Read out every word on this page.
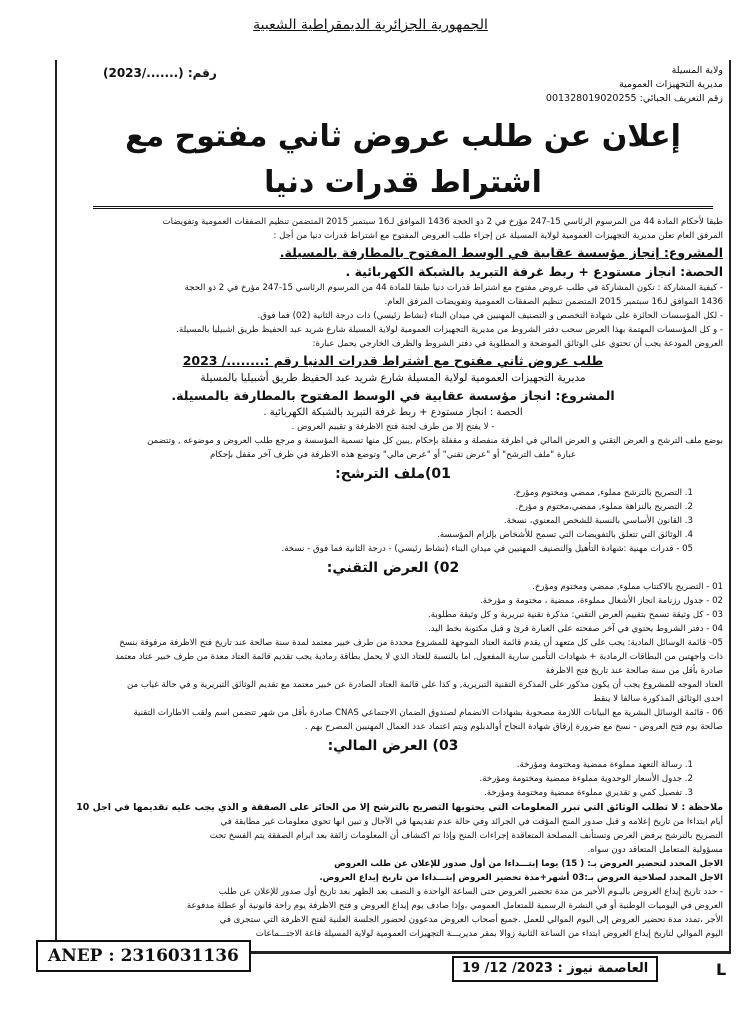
الجمهورية الجزائرية الديمقراطية الشعبية
رقم: (......./2023)	ولاية المسيلة
مديرية التجهيزات العمومية
رقم التعريف الجبائي: 001328019020255
إعلان عن طلب عروض ثاني مفتوح مع اشتراط قدرات دنيا
طبقا لأحكام المادة 44 من المرسوم الرئاسي 15-247 مؤرخ في 2 ذو الحجة 1436 الموافق لـ16 سبتمبر 2015 المتضمن تنظيم الصفقات العمومية وتفويضات
المرفق العام تعلن مديرية التجهيزات العمومية لولاية المسيلة عن إجراء طلب العروض المفتوح مع اشتراط قدرات دنيا من أجل :
المشروع: إنجاز مؤسسة عقابية في الوسط المفتوح بالمطارفة بالمسيلة.
الحصة: انجاز مستودع + ربط غرفة التبريد بالشبكة الكهربائية .
- كيفية المشاركة : تكون المشاركة في طلب عروض مفتوح مع اشتراط قدرات دنيا طبقا للمادة 44 من المرسوم الرئاسي 15-247 مؤرخ في 2 ذو الحجة
1436 الموافق لـ16 سبتمبر 2015 المتضمن تنظيم الصفقات العمومية وتفويضات المرفق العام.
- لكل المؤسسات الحائزة على شهادة التخصص و التصنيف المهنيين في ميدان البناء (نشاط رئيسي) ذات درجة الثانية (02) فما فوق.
- و كل المؤسسات المهتمة بهذا العرض سحب دفتر الشروط من مديرية التجهيزات العمومية لولاية المسيلة شارع شريد عبد الحفيظ طريق اشبيليا بالمسيلة.
العروض المودعة يجب أن تحتوي على الوثائق الموضحة و المطلوبة في دفتر الشروط والظرف الخارجي يحمل عبارة:
طلب عروض ثاني مفتوح مع اشتراط قدرات الدنيا رقم :......../ 2023
مديرية التجهيزات العمومية لولاية المسيلة شارع شريد عبد الحفيظ طريق أشبيليا بالمسيلة
المشروع: انجاز مؤسسة عقابية في الوسط المفتوح بالمطارفة بالمسيلة.
الحصة : انجاز مستودع + ربط غرفة التبريد بالشبكة الكهربائية .
- لا يفتح إلا من طرف لجنة فتح الاظرفة و تقييم العروض .
بوضع ملف الترشح و العرض التقني و العرض المالي في اظرفة منفصلة و مقفلة بإحكام ,يبين كل منها تسمية المؤسسة و مرجع طلب العروض و موضوعه , وتتضمن
عبارة "ملف الترشح" أو "عرض تقني" أو "عرض مالي" وتوضع هذه الاظرفة في ظرف آخر مقفل بإحكام
01)ملف الترشح:
1. التصريح بالترشح مملوء, ممضي ومختوم ومؤرخ.
2. التصريح بالنزاهة مملوء, ممضي،مختوم و مؤرخ.
3. القانون الأساسي بالنسبة للشخص المعنوي، نسخة.
4. الوثائق التي تتعلق بالتفويضات التي تسمح للأشخاص بإلزام المؤسسة.
05 - قدرات مهنية :شهادة التأهيل والتصنيف المهنيين في ميدان البناء (نشاط رئيسي) - درجة الثانية فما فوق - نسخة.
02) العرض التقني:
01 - التصريح بالاكتتاب مملوء, ممضي ومختوم ومؤرخ.
02 - جدول رزنامة انجاز الأشغال مملوءة، ممضية ، مختومة و مؤرخة.
03 - كل وثيقة تسمح بتقييم العرض التقني: مذكرة تقنية تبريرية و كل وثيقة مطلوبة.
04 - دفتر الشروط يحتوي في آخر صفحته على العبارة قرئ و قبل مكتوبة بخط اليد.
05- قائمة الوسائل المادية: يجب على كل متعهد أن يقدم قائمة العتاد الموجهة للمشروع محددة من طرف خبير معتمد لمدة سنة صالحة عند تاريخ فتح الاظرفة مرفوقة بنسخ
ذات واجهتين من البطاقات الرمادية + شهادات التأمين سارية المفعول, اما بالنسبة للعتاد الذي لا يحمل بطاقة رمادية يجب تقديم قائمة العتاد معدة من طرف خبير عتاد معتمد
صادرة بأقل من سنة صالحة عند تاريخ فتح الاظرفة
العتاد الموجه للمشروع يجب أن يكون مذكور على المذكرة التقنية التبريرية, و كذا على قائمة العتاد الصادرة عن خبير معتمد مع تقديم الوثائق التبريرية و في حالة غياب من
احدى الوثائق المذكورة سالفا لا ينقط
06 - قائمة الوسائل البشرية مع البيانات اللازمة مصحوبة بشهادات الانضمام لصندوق الضمان الاجتماعي CNAS صادرة بأقل من شهر تتضمن اسم ولقب الاطارات التقنية
صالحة يوم فتح العروض - نسخ مع ضرورة إرفاق شهادة النجاح أوالدبلوم ويتم اعتماد عدد العمال المهنيين المصرح بهم .
03) العرض المالي:
1. رسالة التعهد مملوءة ممضية ومختومة ومؤرخة.
2. جدول الأسعار الوحدوية مملوءة ممضية ومختومة ومؤرخة.
3. تفصيل كمي و تقديري مملوءة ممضية ومختومة ومؤرخة.
ملاحظة : لا تطلب الوثائق التي تبرر المعلومات التي يحتويها التصريح بالترشح إلا من الحائز على الصفقة و الذي يجب عليه تقديمها في اجل 10
أيام ابتداءا من تاريخ إعلامه و قبل صدور المنح المؤقت في الجرائد وفي حالة عدم تقديمها في الآجال و تبين انها تحوي معلومات غير مطابقة في
التصريح بالترشح يرفض العرض وتستأنف المصلحة المتعاقدة إجراءات المنح وإذا تم اكتشاف أن المعلومات زائفة بعد ابرام الصفقة يتم الفسخ تحت
مسؤولية المتعامل المتعاقد دون سواه.
الاجل المحدد لتحضير العروض بـ: ( 15) يوما إبتـــداءا من أول صدور للإعلان عن طلب العروض
الاجل المحدد لصلاحية العروض بـ:03 أشهر+مدة تحضير العروض إبتـــداءا من تاريخ إيداع العروض.
- حدد تاريخ إيداع العروض باليـوم الأخير من مدة تحضير العروض حتى الساعة الواحدة و النصف بعد الظهر بعد تاريخ أول صدور للإعلان عن طلب
العروض في اليوميات الوطنية أو في النشرة الرسمية للمتعامل العمومي ،وإذا صادف يوم إيداع العروض و فتح الاظرفة يوم راحة قانونية أو عطلة مدفوعة
الأجر ،تمدد مدة تحضير العروض إلى اليوم الموالي للعمل .جميع أصحاب العروض مدعوون لحضور الجلسة العلنية لفتح الاظرفة التي ستجرى في
اليوم الموالي لتاريخ إيداع العروض ابتداء من الساعة الثانية زوالا بمقر مديريـــة التجهيزات العمومية لولاية المسيلة قاعة الاجتـــماعات
ANEP : 2316031136
العاصمة نيوز : 2023/ 12/ 19	L
